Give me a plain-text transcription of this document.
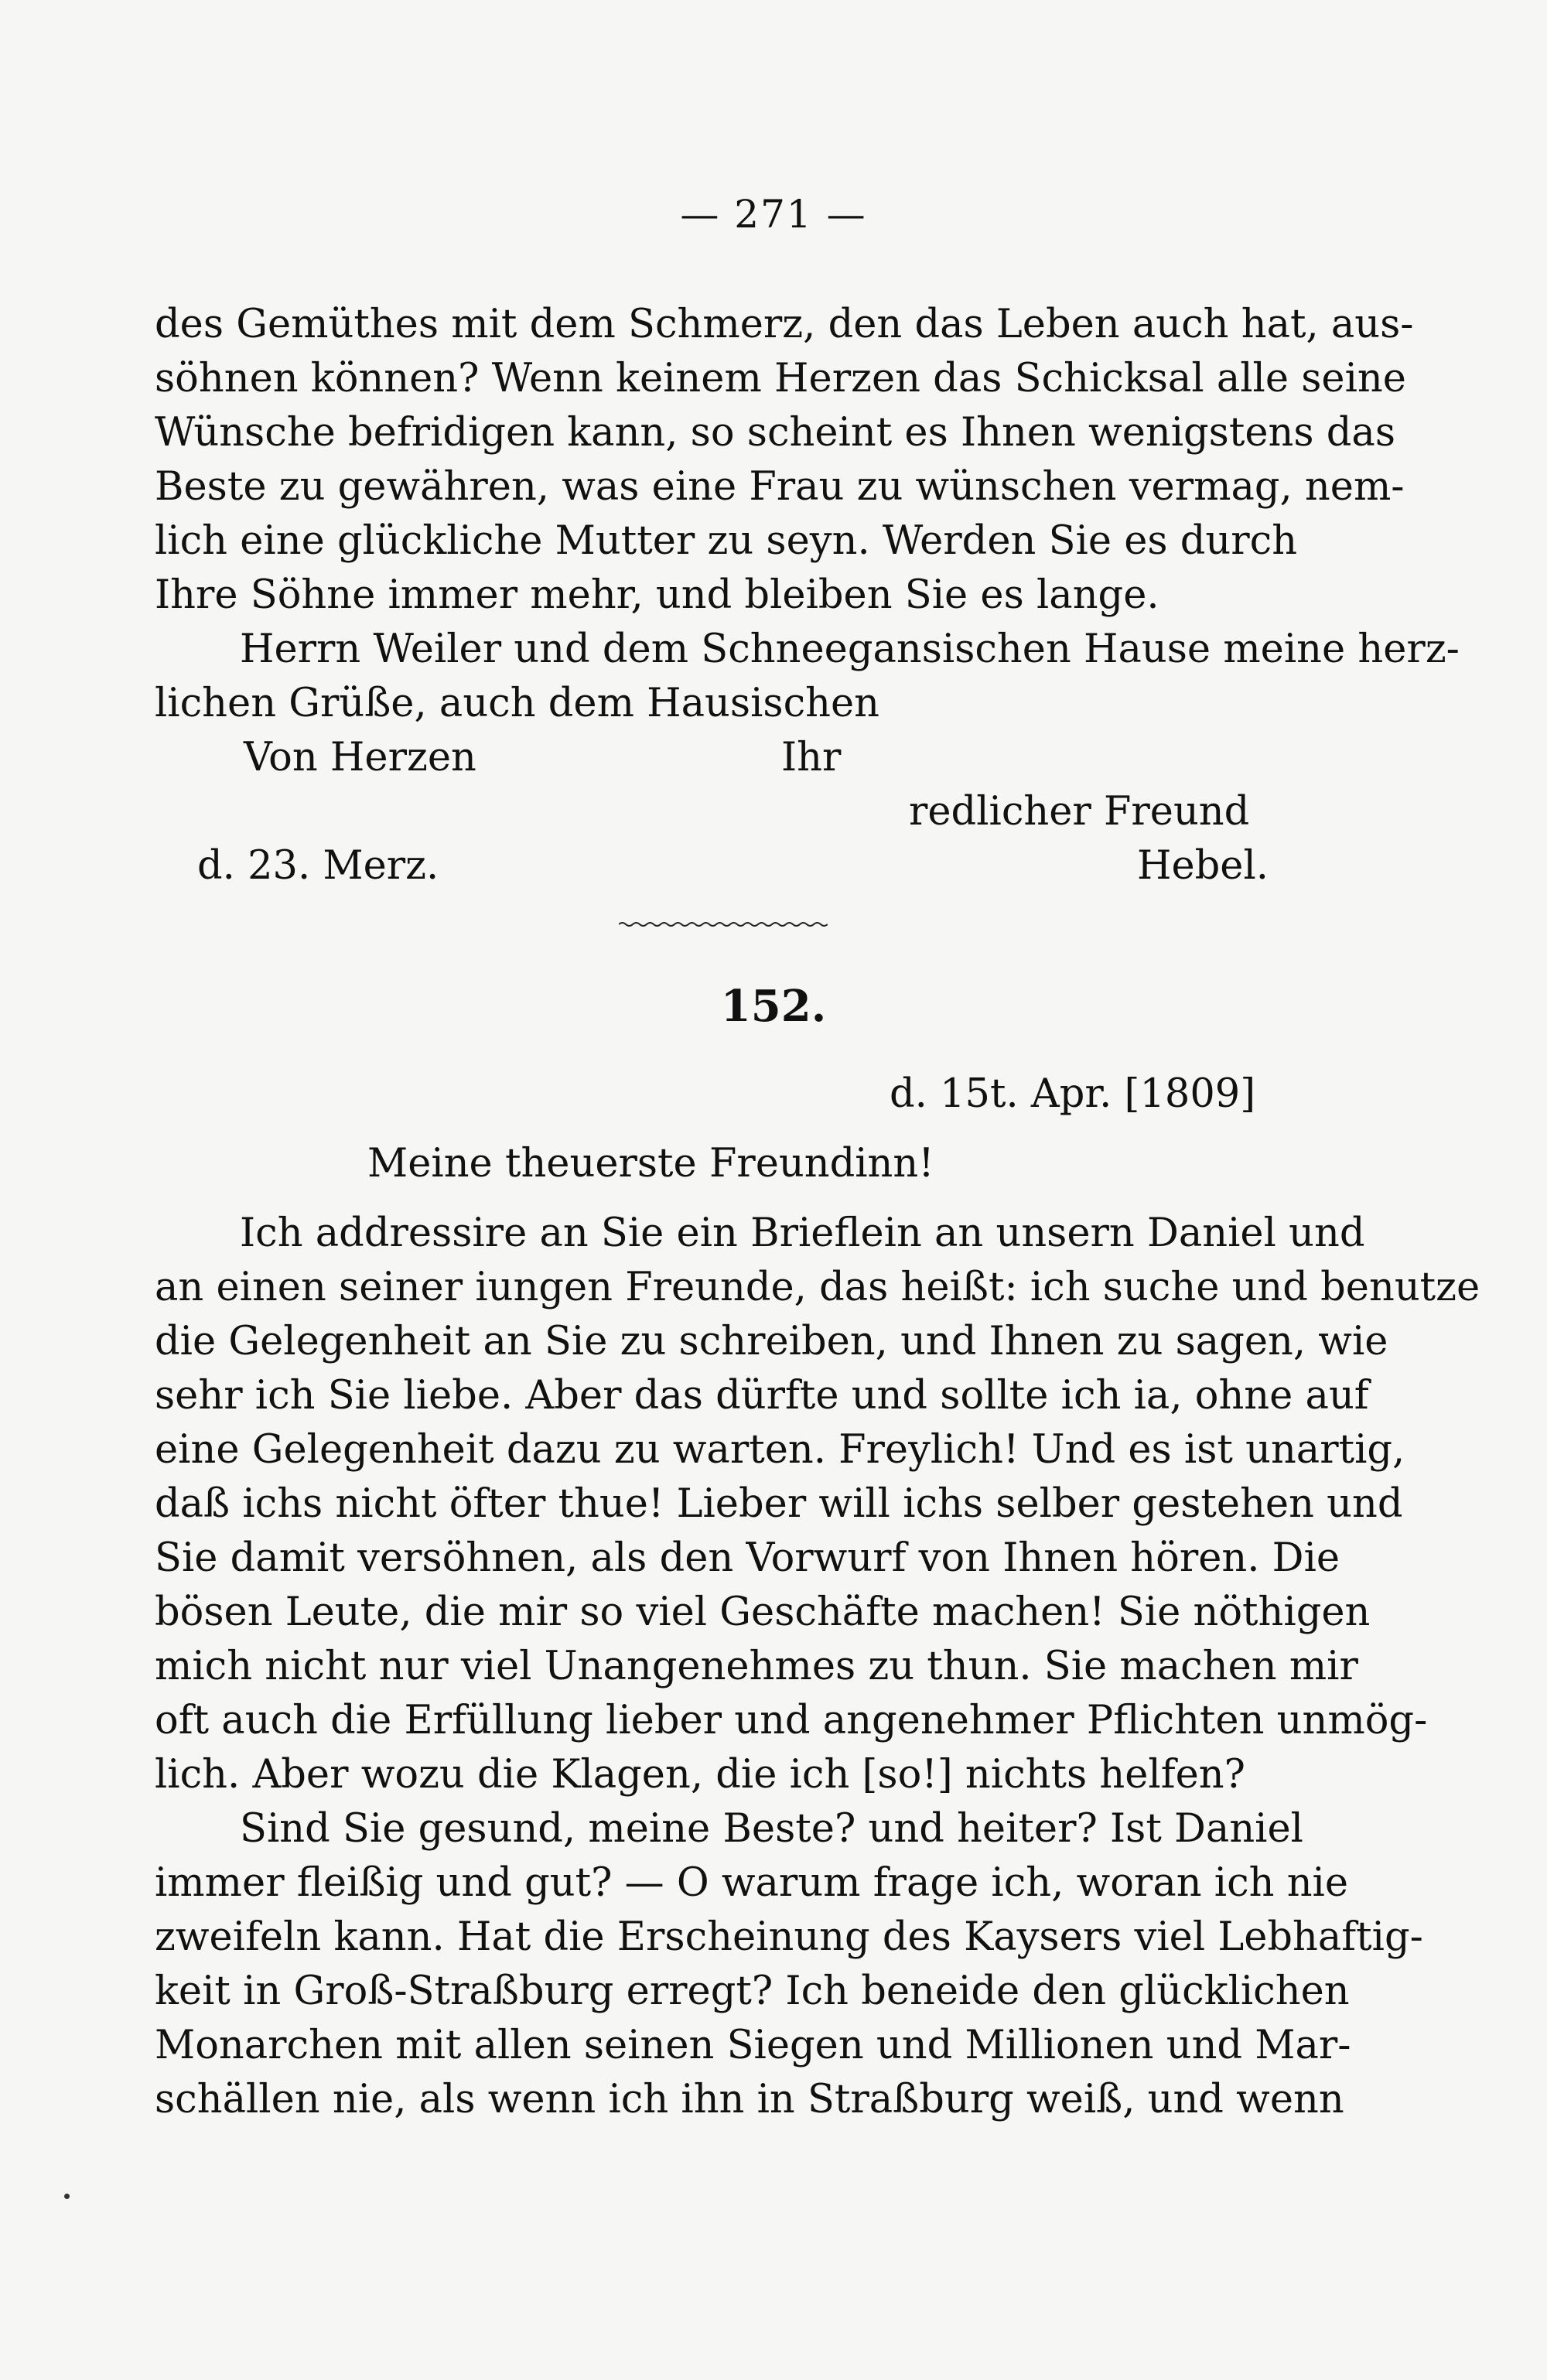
— 271 —
des Gemüthes mit dem Schmerz, den das Leben auch hat, aus-
söhnen können? Wenn keinem Herzen das Schicksal alle seine
Wünsche befridigen kann, so scheint es Ihnen wenigstens das
Beste zu gewähren, was eine Frau zu wünschen vermag, nem-
lich eine glückliche Mutter zu seyn. Werden Sie es durch
Ihre Söhne immer mehr, und bleiben Sie es lange.
Herrn Weiler und dem Schneegansischen Hause meine herz-
lichen Grüße, auch dem Hausischen
Von Herzen	Ihr
redlicher Freund
d. 23. Merz.	Hebel.
152.
d. 15t. Apr. [1809]
Meine theuerste Freundinn!
Ich addressire an Sie ein Brieflein an unsern Daniel und
an einen seiner iungen Freunde, das heißt: ich suche und benutze
die Gelegenheit an Sie zu schreiben, und Ihnen zu sagen, wie
sehr ich Sie liebe. Aber das dürfte und sollte ich ia, ohne auf
eine Gelegenheit dazu zu warten. Freylich! Und es ist unartig,
daß ichs nicht öfter thue! Lieber will ichs selber gestehen und
Sie damit versöhnen, als den Vorwurf von Ihnen hören. Die
bösen Leute, die mir so viel Geschäfte machen! Sie nöthigen
mich nicht nur viel Unangenehmes zu thun. Sie machen mir
oft auch die Erfüllung lieber und angenehmer Pflichten unmög-
lich. Aber wozu die Klagen, die ich [so!] nichts helfen?
Sind Sie gesund, meine Beste? und heiter? Ist Daniel
immer fleißig und gut? — O warum frage ich, woran ich nie
zweifeln kann. Hat die Erscheinung des Kaysers viel Lebhaftig-
keit in Groß-Straßburg erregt? Ich beneide den glücklichen
Monarchen mit allen seinen Siegen und Millionen und Mar-
schällen nie, als wenn ich ihn in Straßburg weiß, und wenn
